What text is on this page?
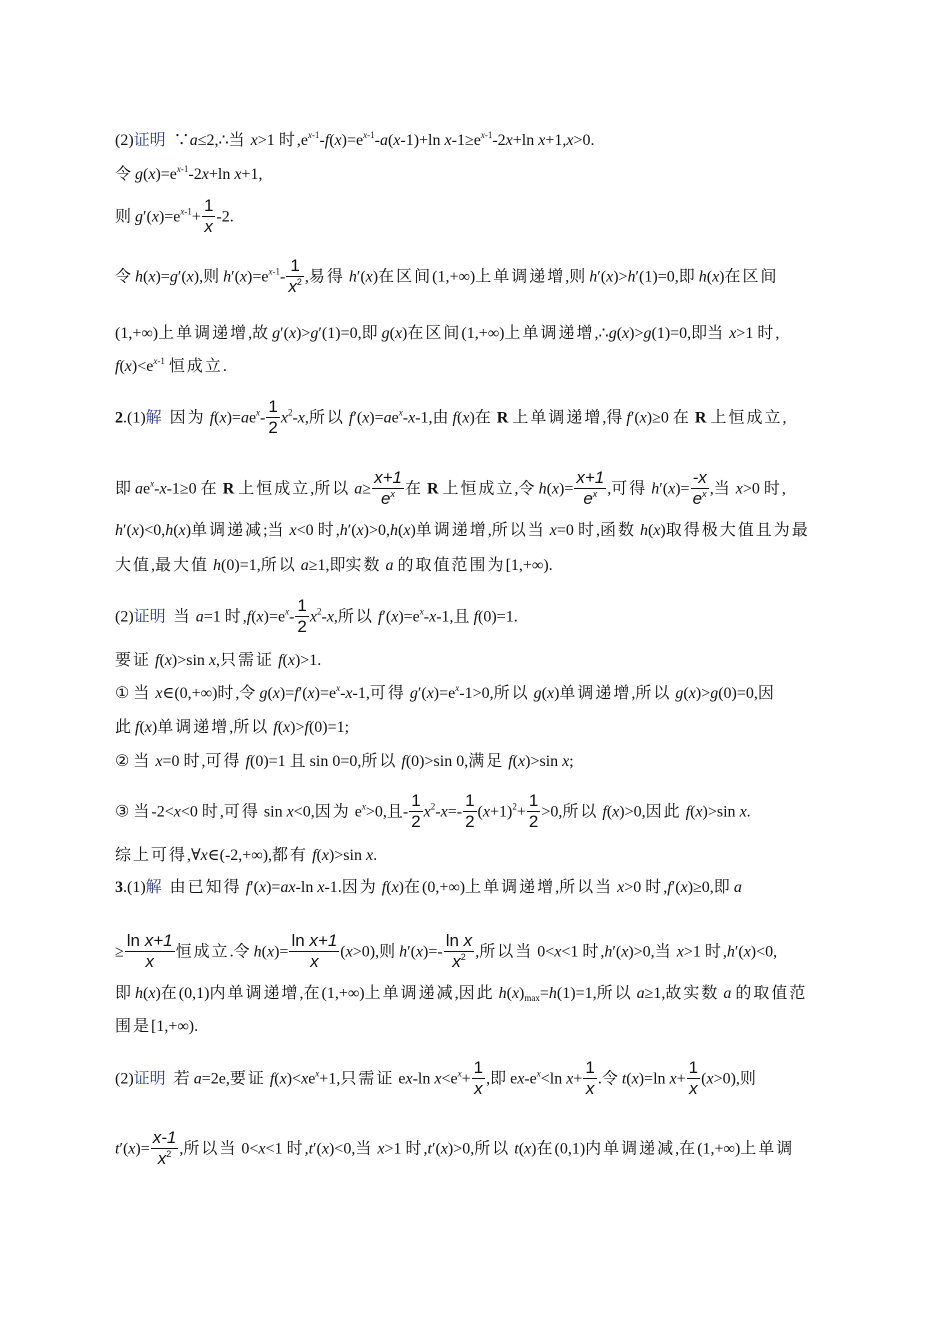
(2)证明  ∵a≤2,∴当 x>1 时$,e^{x-1}-f(x)=e^{x-1}-a(x-1)+\ln$ $x-1\ge e^{x-1}-2x+\ln$ x+1,x>0.
令 $g(x)=e^{x-1}-2x+\ln$ x+1,
则 $g'(x)=e^{x-1}+ \frac{1}{x} -2$.
令 h(x)=g′(x),则 $h'(x)=e^{x-1}- \frac{1}{x^2}$ ,易得 h′(x)在区间(1,+∞)上单调递增,则 h′(x)>h′(1)=0,即 h(x)在区间
(1,+∞)上单调递增,故 g′(x)>g′(1)=0,即 g(x)在区间(1,+∞)上单调递增,∴g(x)>g(1)=0,即当 x>1 时,
$f(x)<e^{x-1}$ 恒成立.
2.(1)解 因为 $f(x)=ae^x- \frac{1}{2} x^2-x$,所以 $f'(x)=ae^x-x-1$,由 f(x)在 R 上单调递增,得 f′(x)≥0 在 R 上恒成立,
即 $ae^x-x-1\ge 0$ 在 R 上恒成立,所以 $a\ge \frac{x+1}{e^x}$ 在 R 上恒成立,令 $h(x)= \frac{x+1}{e^x}$ ,可得 $h'(x)= \frac{-x}{e^x}$ ,当 x>0 时,
h′(x)<0,h(x)单调递减;当 x<0 时,h′(x)>0,h(x)单调递增,所以当 x=0 时,函数 h(x)取得极大值且为最
大值,最大值 h(0)=1,所以 a≥1,即实数 a 的取值范围为[1,+∞).
(2)证明 当 a=1 时$,f(x)=e^x- \frac{1}{2} x^2-x$,所以 $f'(x)=e^x-x-1$,且 f(0)=1.
要证 f(x)>sin x,只需证 f(x)>1.
① 当 x∈(0,+∞)时,令 $g(x)=f'(x)=e^x-x-1$,可得 $g'(x)=e^x-1>0$,所以 g(x)单调递增,所以 g(x)>g(0)=0,因
此 f(x)单调递增,所以 f(x)>f(0)=1;
② 当 x=0 时,可得 f(0)=1 且 sin 0=0,所以 f(0)>sin 0,满足 f(x)>sin x;
③ 当-2<x<0 时,可得 sin x<0,因为 $e^x>0$,且- $\frac{1}{2} x^2-x=- \frac{1}{2} (x+1)^2+ \frac{1}{2} >0$,所以 f(x)>0,因此 f(x)>sin x.
综上可得,∀x∈(-2,+∞),都有 f(x)>sin x.
3.(1)解 由已知得 f′(x)=ax-ln x-1.因为 f(x)在(0,+∞)上单调递增,所以当 x>0 时,f′(x)≥0,即 a
≥ $\frac{\text{ln x+1}}{x}$ 恒成立.令 $h(x)= \frac{\text{ln x+1}}{x} (x>0)$,则 $h'(x)=- \frac{\text{ln x}}{x^2}$ ,所以当 0<x<1 时,h′(x)>0,当 x>1 时,h′(x)<0,
即 h(x)在(0,1)内单调递增,在(1,+∞)上单调递减,因此 $h(x)_{max}=h(1)=1$,所以 a≥1,故实数 a 的取值范
围是[1,+∞).
(2)证明  若 a=2e,要证 $f(x)<xe^x+1$,只需证 ex-ln $x<e^x+ \frac{1}{x}$ ,即 $ex-e^x<\ln$ $x+ \frac{1}{x}$ .令 t(x)=ln $x+ \frac{1}{x} (x>0)$,则
$t'(x)= \frac{x-1}{x^2}$ ,所以当 0<x<1 时,t′(x)<0,当 x>1 时,t′(x)>0,所以 t(x)在(0,1)内单调递减,在(1,+∞)上单调
